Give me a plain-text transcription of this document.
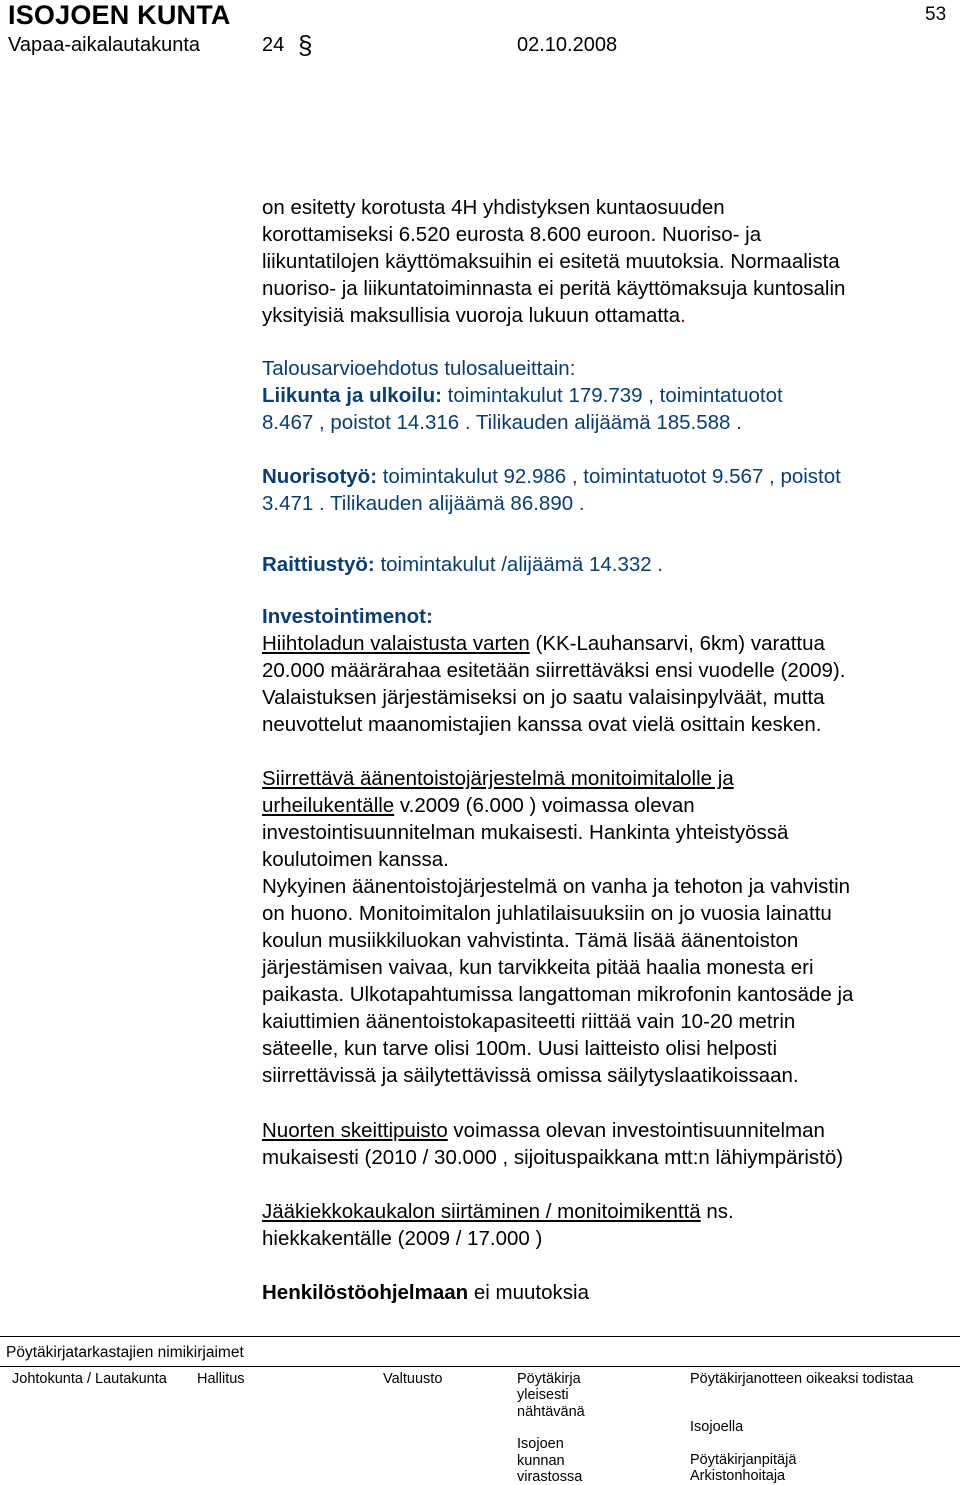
ISOJOEN KUNTA
Vapaa-aikalautakunta	24 §	02.10.2008
53

on esitetty korotusta 4H yhdistyksen kuntaosuuden

korottamiseksi 6.520 eurosta 8.600 euroon. Nuoriso- ja

liikuntatilojen käyttömaksuihin ei esitetä muutoksia. Normaalista

nuoriso- ja liikuntatoiminnasta ei peritä käyttömaksuja kuntosalin

yksityisiä maksullisia vuoroja lukuun ottamatta.

Talousarvioehdotus tulosalueittain:

Liikunta ja ulkoilu: toimintakulut 179.739 , toimintatuotot

8.467 , poistot 14.316 . Tilikauden alijäämä 185.588 .

Nuorisotyö: toimintakulut 92.986 , toimintatuotot 9.567 , poistot

3.471 . Tilikauden alijäämä 86.890 .

Raittiustyö: toimintakulut /alijäämä 14.332 .

Investointimenot:

Hiihtoladun valaistusta varten (KK-Lauhansarvi, 6km) varattua

20.000 määrärahaa esitetään siirrettäväksi ensi vuodelle (2009).

Valaistuksen järjestämiseksi on jo saatu valaisinpylväät, mutta

neuvottelut maanomistajien kanssa ovat vielä osittain kesken.

Siirrettävä äänentoistojärjestelmä monitoimitalolle ja

urheilukentälle v.2009 (6.000 ) voimassa olevan

investointisuunnitelman mukaisesti. Hankinta yhteistyössä

koulutoimen kanssa.

Nykyinen äänentoistojärjestelmä on vanha ja tehoton ja vahvistin

on huono. Monitoimitalon juhlatilaisuuksiin on jo vuosia lainattu

koulun musiikkiluokan vahvistinta. Tämä lisää äänentoiston

järjestämisen vaivaa, kun tarvikkeita pitää haalia monesta eri

paikasta. Ulkotapahtumissa langattoman mikrofonin kantosäde ja

kaiuttimien äänentoistokapasiteetti riittää vain 10-20 metrin

säteelle, kun tarve olisi 100m. Uusi laitteisto olisi helposti

siirrettävissä ja säilytettävissä omissa säilytyslaatikoissaan.

Nuorten skeittipuisto voimassa olevan investointisuunnitelman

mukaisesti (2010 / 30.000 , sijoituspaikkana mtt:n lähiympäristö)

Jääkiekkokaukalon siirtäminen / monitoimikenttä ns.

hiekkakentälle (2009 / 17.000 )

Henkilöstöohjelmaan ei muutoksia

Pöytäkirjatarkastajien nimikirjaimet
Johtokunta / Lautakunta Hallitus	Valtuusto	Pöytäkirja
yleisesti
nähtävänä
Isojoen
kunnan
virastossa
Pöytäkirjanotteen oikeaksi todistaa
Isojoella
Pöytäkirjanpitäjä
Arkistonhoitaja
